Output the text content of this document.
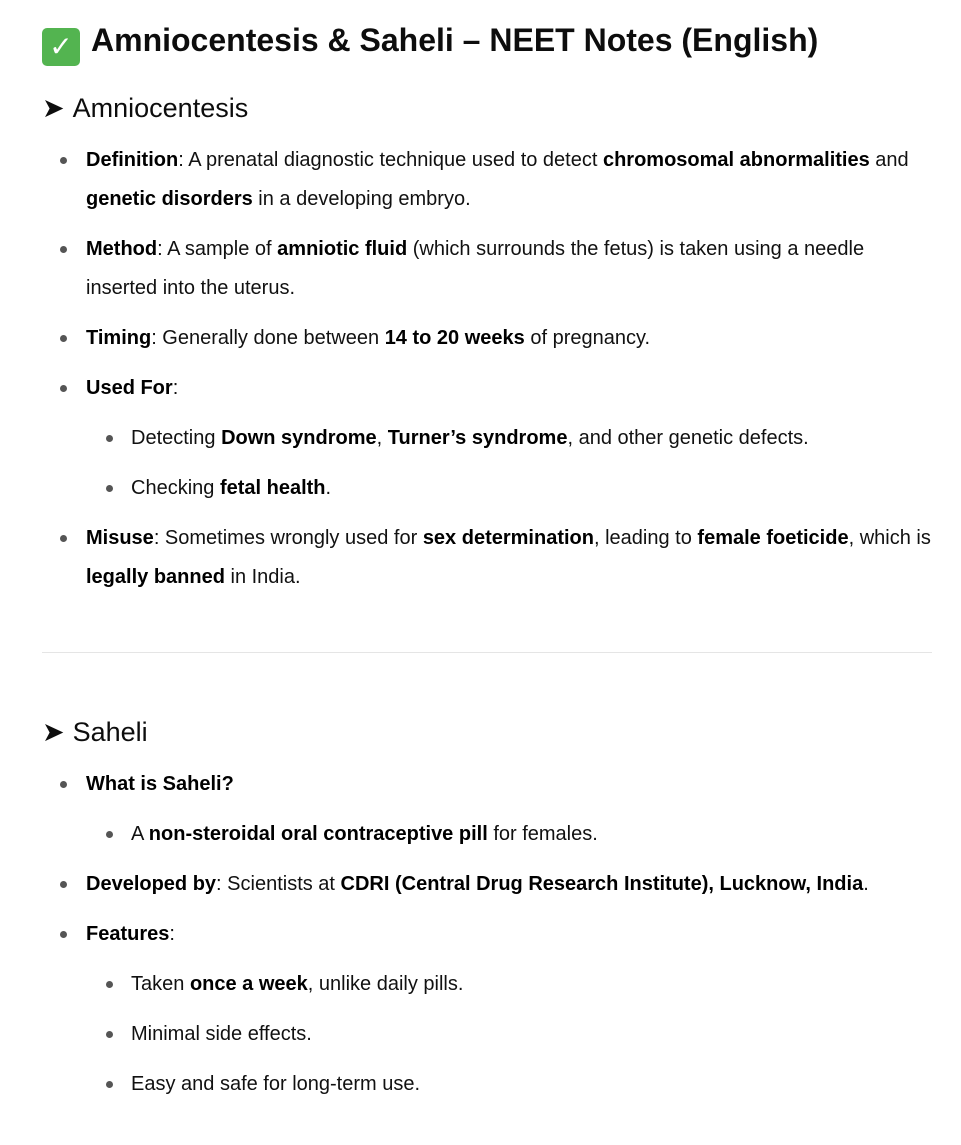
✓ Amniocentesis & Saheli – NEET Notes (English)
➤ Amniocentesis
Definition: A prenatal diagnostic technique used to detect chromosomal abnormalities and genetic disorders in a developing embryo.
Method: A sample of amniotic fluid (which surrounds the fetus) is taken using a needle inserted into the uterus.
Timing: Generally done between 14 to 20 weeks of pregnancy.
Used For:
Detecting Down syndrome, Turner’s syndrome, and other genetic defects.
Checking fetal health.
Misuse: Sometimes wrongly used for sex determination, leading to female foeticide, which is legally banned in India.
➤ Saheli
What is Saheli?
A non-steroidal oral contraceptive pill for females.
Developed by: Scientists at CDRI (Central Drug Research Institute), Lucknow, India.
Features:
Taken once a week, unlike daily pills.
Minimal side effects.
Easy and safe for long-term use.
